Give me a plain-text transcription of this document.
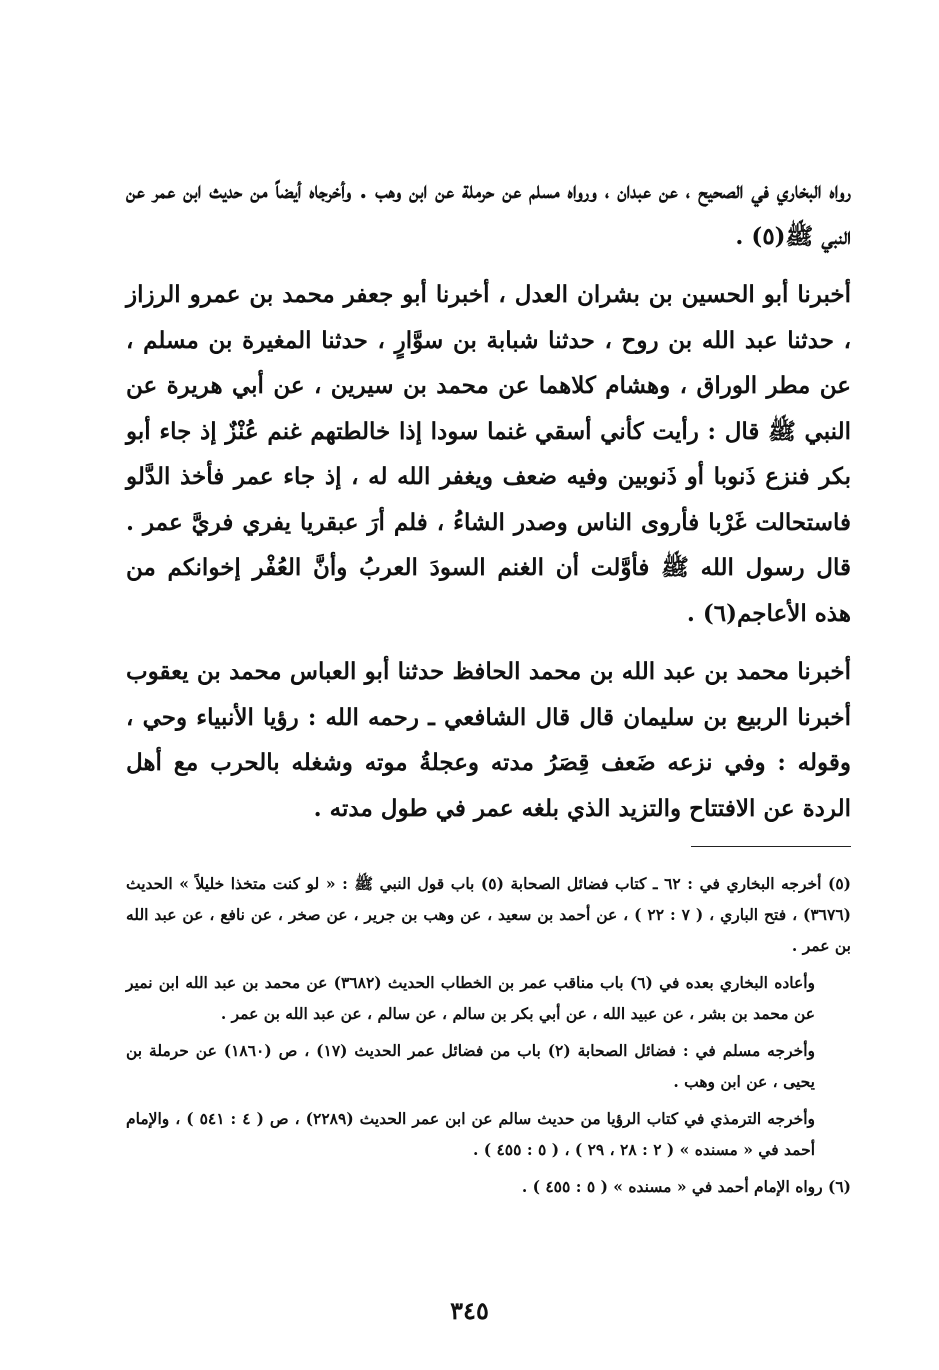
رواه البخاري في الصحيح ، عن عبدان ، ورواه مسلم عن حرملة عن ابن وهب . وأخرجاه أيضاً من حديث ابن عمر عن النبي ﷺ(٥) .

أخبرنا أبو الحسين بن بشران العدل ، أخبرنا أبو جعفر محمد بن عمرو الرزاز ، حدثنا عبد الله بن روح ، حدثنا شبابة بن سوَّارٍ ، حدثنا المغيرة بن مسلم ، عن مطر الوراق ، وهشام كلاهما عن محمد بن سيرين ، عن أبي هريرة عن النبي ﷺ قال : رأيت كأني أسقي غنما سودا إذا خالطتهم غنم عُنْزٌ إذ جاء أبو بكر فنزع ذَنوبا أو ذَنوبين وفيه ضعف ويغفر الله له ، إذ جاء عمر فأخذ الدَّلو فاستحالت غَرْبا فأروى الناس وصدر الشاءُ ، فلم أرَ عبقريا يفري فريَّ عمر . قال رسول الله ﷺ فأوَّلت أن الغنم السودَ العربُ وأنَّ العُفْر إخوانكم من هذه الأعاجم(٦) .

أخبرنا محمد بن عبد الله بن محمد الحافظ حدثنا أبو العباس محمد بن يعقوب أخبرنا الربيع بن سليمان قال قال الشافعي ـ رحمه الله : رؤيا الأنبياء وحي ، وقوله : وفي نزعه ضَعف قِصَرُ مدته وعجلةُ موته وشغله بالحرب مع أهل الردة عن الافتتاح والتزيد الذي بلغه عمر في طول مدته .

(٥) أخرجه البخاري في : ٦٢ ـ كتاب فضائل الصحابة (٥) باب قول النبي ﷺ : « لو كنت متخذا خليلاً » الحديث (٣٦٧٦) ، فتح الباري ، ( ٧ : ٢٢ ) ، عن أحمد بن سعيد ، عن وهب بن جرير ، عن صخر ، عن نافع ، عن عبد الله بن عمر .

وأعاده البخاري بعده في (٦) باب مناقب عمر بن الخطاب الحديث (٣٦٨٢) عن محمد بن عبد الله ابن نمير عن محمد بن بشر ، عن عبيد الله ، عن أبي بكر بن سالم ، عن سالم ، عن عبد الله بن عمر .

وأخرجه مسلم في : فضائل الصحابة (٢) باب من فضائل عمر الحديث (١٧) ، ص (١٨٦٠) عن حرملة بن يحيى ، عن ابن وهب .

وأخرجه الترمذي في كتاب الرؤيا من حديث سالم عن ابن عمر الحديث (٢٢٨٩) ، ص ( ٤ : ٥٤١ ) ، والإمام أحمد في « مسنده » ( ٢ : ٢٨ ، ٢٩ ) ، ( ٥ : ٤٥٥ ) .

(٦) رواه الإمام أحمد في « مسنده » ( ٥ : ٤٥٥ ) .

٣٤٥
